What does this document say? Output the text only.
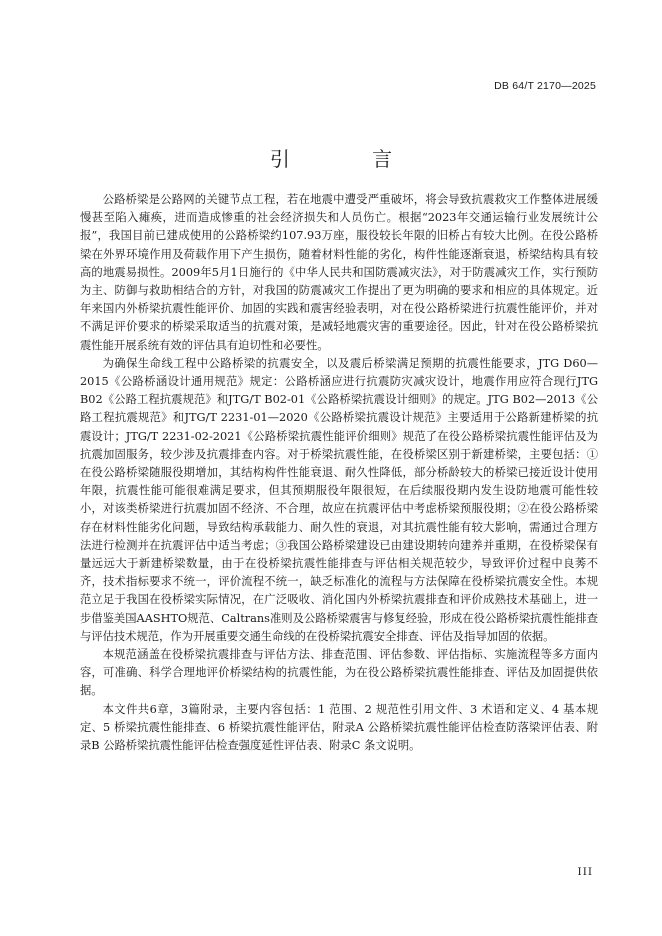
DB 64/T 2170—2025
引 言

公路桥梁是公路网的关键节点工程，若在地震中遭受严重破坏，将会导致抗震救灾工作整体进展缓慢甚至陷入瘫痪，进而造成惨重的社会经济损失和人员伤亡。根据“2023年交通运输行业发展统计公报”，我国目前已建成使用的公路桥梁约107.93万座，服役较长年限的旧桥占有较大比例。在役公路桥梁在外界环境作用及荷载作用下产生损伤，随着材料性能的劣化，构件性能逐渐衰退，桥梁结构具有较高的地震易损性。2009年5月1日施行的《中华人民共和国防震减灾法》，对于防震减灾工作，实行预防为主、防御与救助相结合的方针，对我国的防震减灾工作提出了更为明确的要求和相应的具体规定。近年来国内外桥梁抗震性能评价、加固的实践和震害经验表明，对在役公路桥梁进行抗震性能评价，并对不满足评价要求的桥梁采取适当的抗震对策，是减轻地震灾害的重要途径。因此，针对在役公路桥梁抗震性能开展系统有效的评估具有迫切性和必要性。

为确保生命线工程中公路桥梁的抗震安全，以及震后桥梁满足预期的抗震性能要求，JTG D60—2015《公路桥涵设计通用规范》规定：公路桥涵应进行抗震防灾减灾设计，地震作用应符合现行JTG B02《公路工程抗震规范》和JTG/T B02-01《公路桥梁抗震设计细则》的规定。JTG B02—2013《公路工程抗震规范》和JTG/T 2231-01—2020《公路桥梁抗震设计规范》主要适用于公路新建桥梁的抗震设计；JTG/T 2231-02-2021《公路桥梁抗震性能评价细则》规范了在役公路桥梁抗震性能评估及为抗震加固服务，较少涉及抗震排查内容。对于桥梁抗震性能，在役桥梁区别于新建桥梁，主要包括：①在役公路桥梁随服役期增加，其结构构件性能衰退、耐久性降低，部分桥龄较大的桥梁已接近设计使用年限，抗震性能可能很难满足要求，但其预期服役年限很短，在后续服役期内发生设防地震可能性较小，对该类桥梁进行抗震加固不经济、不合理，故应在抗震评估中考虑桥梁预服役期；②在役公路桥梁存在材料性能劣化问题，导致结构承载能力、耐久性的衰退，对其抗震性能有较大影响，需通过合理方法进行检测并在抗震评估中适当考虑；③我国公路桥梁建设已由建设期转向建养并重期，在役桥梁保有量远远大于新建桥梁数量，由于在役桥梁抗震性能排查与评估相关规范较少，导致评价过程中良莠不齐，技术指标要求不统一，评价流程不统一，缺乏标准化的流程与方法保障在役桥梁抗震安全性。本规范立足于我国在役桥梁实际情况，在广泛吸收、消化国内外桥梁抗震排查和评价成熟技术基础上，进一步借鉴美国AASHTO规范、Caltrans准则及公路桥梁震害与修复经验，形成在役公路桥梁抗震性能排查与评估技术规范，作为开展重要交通生命线的在役桥梁抗震安全排查、评估及指导加固的依据。

本规范涵盖在役桥梁抗震排查与评估方法、排查范围、评估参数、评估指标、实施流程等多方面内容，可准确、科学合理地评价桥梁结构的抗震性能，为在役公路桥梁抗震性能排查、评估及加固提供依据。

本文件共6章，3篇附录，主要内容包括：1 范围、2 规范性引用文件、3 术语和定义、4 基本规定、5 桥梁抗震性能排查、6 桥梁抗震性能评估，附录A 公路桥梁抗震性能评估检查防落梁评估表、附录B 公路桥梁抗震性能评估检查强度延性评估表、附录C 条文说明。

III
